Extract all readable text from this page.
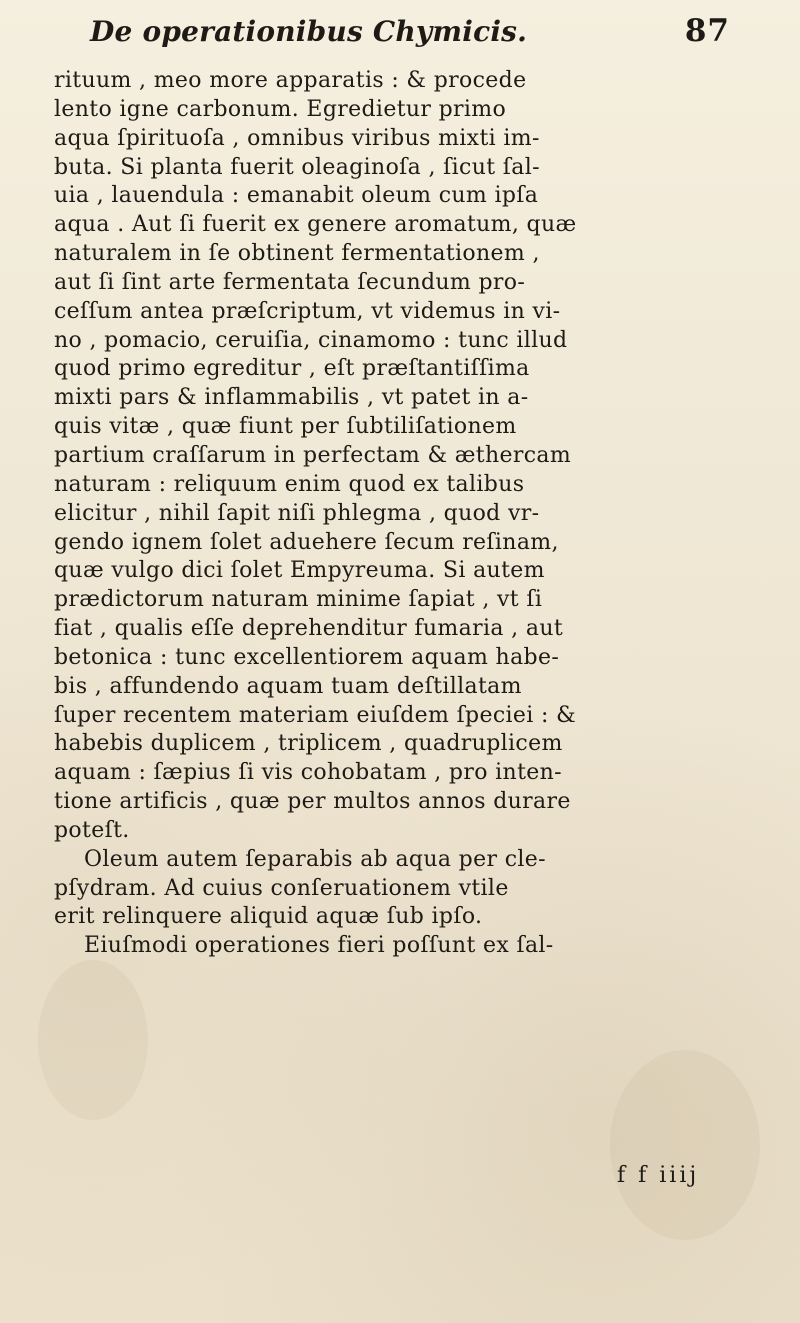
De operationibus Chymicis.	87
rituum , meo more apparatis : & procede
lento igne carbonum. Egredietur primo
aqua ſpirituoſa , omnibus viribus mixti im-
buta. Si planta fuerit oleaginoſa , ſicut ſal-
uia , lauendula : emanabit oleum cum ipſa
aqua . Aut ſi fuerit ex genere aromatum, quæ
naturalem in ſe obtinent fermentationem ,
aut ſi ſint arte fermentata ſecundum pro-
ceſſum antea præſcriptum, vt videmus in vi-
no , pomacio, ceruiſia, cinamomo : tunc illud
quod primo egreditur , eſt præſtantiſſima
mixti pars & inflammabilis , vt patet in a-
quis vitæ , quæ fiunt per ſubtiliſationem
partium craſſarum in perfectam & æthercam
naturam : reliquum enim quod ex talibus
elicitur , nihil ſapit niſi phlegma , quod vr-
gendo ignem ſolet aduehere ſecum reſinam,
quæ vulgo dici ſolet Empyreuma. Si autem
prædictorum naturam minime ſapiat , vt ſi
fiat , qualis eſſe deprehenditur fumaria , aut
betonica : tunc excellentiorem aquam habe-
bis , affundendo aquam tuam deſtillatam
ſuper recentem materiam eiuſdem ſpeciei : &
habebis duplicem , triplicem , quadruplicem
aquam : ſæpius ſi vis cohobatam , pro inten-
tione artificis , quæ per multos annos durare
poteſt.
Oleum autem ſeparabis ab aqua per cle-
pſydram. Ad cuius conſeruationem vtile
erit relinquere aliquid aquæ ſub ipſo.
Eiuſmodi operationes fieri poſſunt ex ſal-
f f iiij
